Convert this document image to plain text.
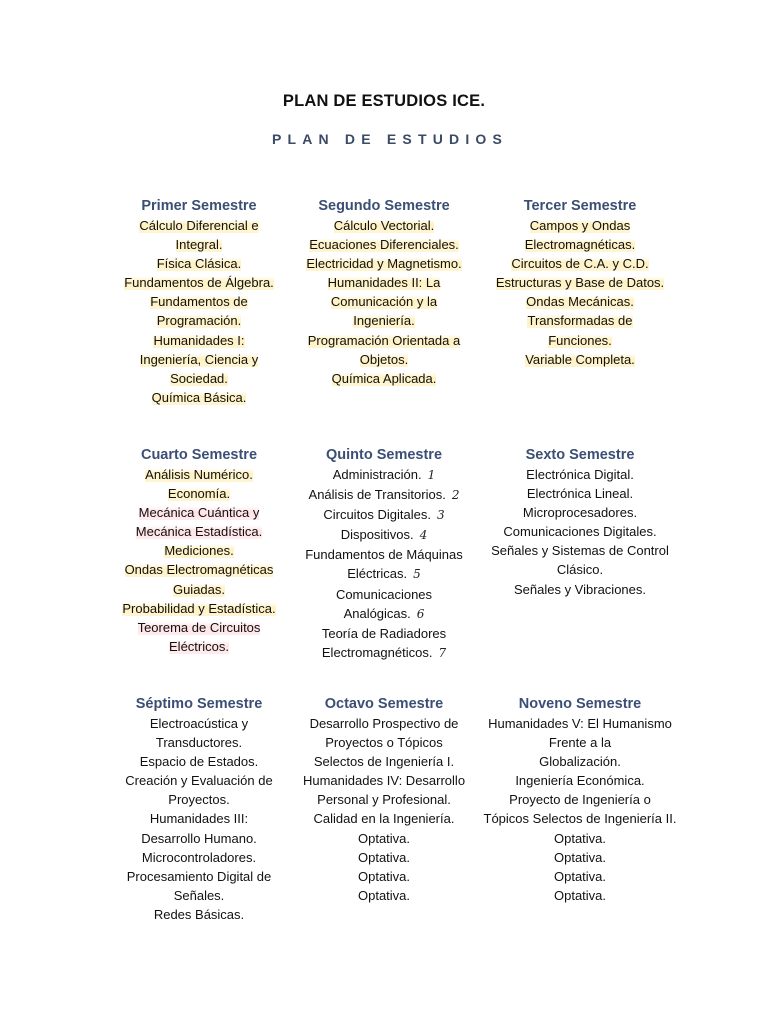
PLAN DE ESTUDIOS ICE.
PLAN DE ESTUDIOS
Primer Semestre
Cálculo Diferencial e
Integral.
Física Clásica.
Fundamentos de Álgebra.
Fundamentos de
Programación.
Humanidades I:
Ingeniería, Ciencia y
Sociedad.
Química Básica.
Segundo Semestre
Cálculo Vectorial.
Ecuaciones Diferenciales.
Electricidad y Magnetismo.
Humanidades II: La
Comunicación y la
Ingeniería.
Programación Orientada a
Objetos.
Química Aplicada.
Tercer Semestre
Campos y Ondas
Electromagnéticas.
Circuitos de C.A. y C.D.
Estructuras y Base de Datos.
Ondas Mecánicas.
Transformadas de
Funciones.
Variable Completa.
Cuarto Semestre
Análisis Numérico.
Economía.
Mecánica Cuántica y
Mecánica Estadística.
Mediciones.
Ondas Electromagnéticas
Guiadas.
Probabilidad y Estadística.
Teorema de Circuitos
Eléctricos.
Quinto Semestre
Administración. 1
Análisis de Transitorios. 2
Circuitos Digitales. 3
Dispositivos. 4
Fundamentos de Máquinas
Eléctricas. 5
Comunicaciones
Analógicas. 6
Teoría de Radiadores
Electromagnéticos. 7
Sexto Semestre
Electrónica Digital.
Electrónica Lineal.
Microprocesadores.
Comunicaciones Digitales.
Señales y Sistemas de Control
Clásico.
Señales y Vibraciones.
Séptimo Semestre
Electroacústica y
Transductores.
Espacio de Estados.
Creación y Evaluación de
Proyectos.
Humanidades III:
Desarrollo Humano.
Microcontroladores.
Procesamiento Digital de
Señales.
Redes Básicas.
Octavo Semestre
Desarrollo Prospectivo de
Proyectos o Tópicos
Selectos de Ingeniería I.
Humanidades IV: Desarrollo
Personal y Profesional.
Calidad en la Ingeniería.
Optativa.
Optativa.
Optativa.
Optativa.
Noveno Semestre
Humanidades V: El Humanismo
Frente a la
Globalización.
Ingeniería Económica.
Proyecto de Ingeniería o
Tópicos Selectos de Ingeniería II.
Optativa.
Optativa.
Optativa.
Optativa.
